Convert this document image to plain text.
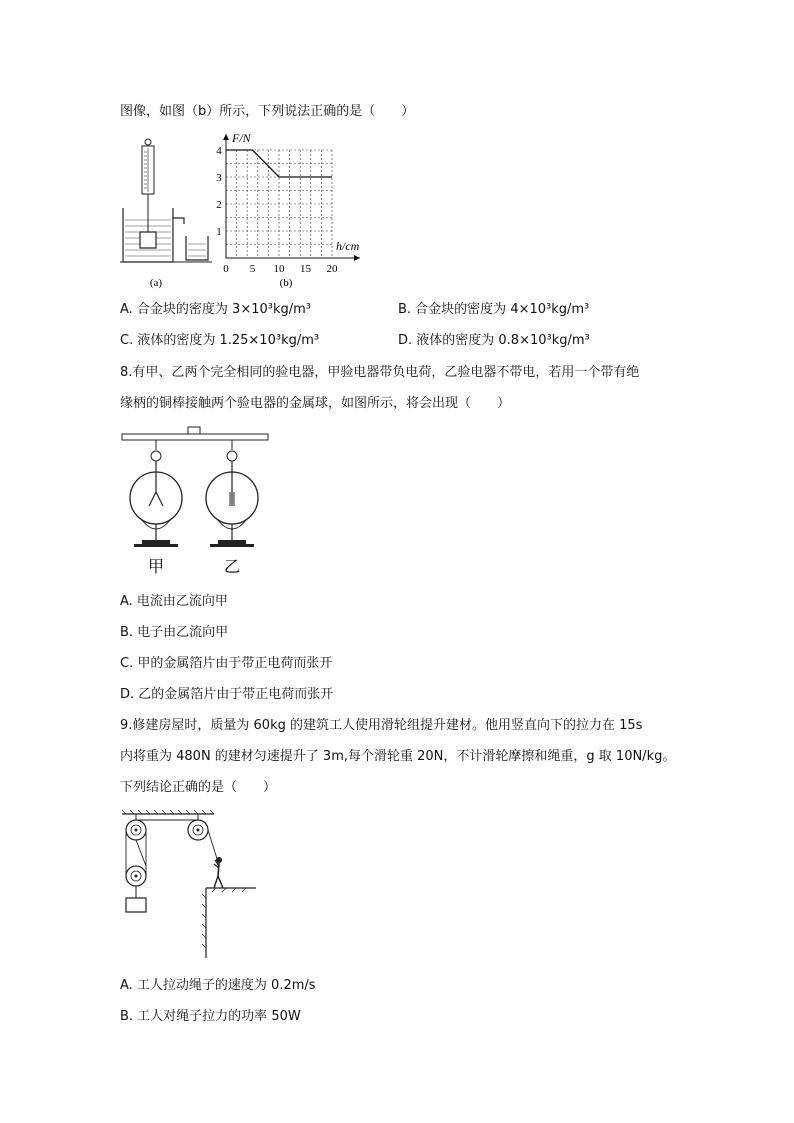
图像，如图（b）所示，下列说法正确的是（　　）
(a)
4
3
2
1
0 5 10 15 20
F/N
h/cm
(b)
A. 合金块的密度为 3×10³kg/m³	B. 合金块的密度为 4×10³kg/m³
C. 液体的密度为 1.25×10³kg/m³	D. 液体的密度为 0.8×10³kg/m³
8.有甲、乙两个完全相同的验电器，甲验电器带负电荷，乙验电器不带电，若用一个带有绝
缘柄的铜棒接触两个验电器的金属球，如图所示，将会出现（　　）
甲	乙
A. 电流由乙流向甲
B. 电子由乙流向甲
C. 甲的金属箔片由于带正电荷而张开
D. 乙的金属箔片由于带正电荷而张开
9.修建房屋时，质量为 60kg 的建筑工人使用滑轮组提升建材。他用竖直向下的拉力在 15s
内将重为 480N 的建材匀速提升了 3m,每个滑轮重 20N，不计滑轮摩擦和绳重，g 取 10N/kg。
下列结论正确的是（　　）
A. 工人拉动绳子的速度为 0.2m/s
B. 工人对绳子拉力的功率 50W
